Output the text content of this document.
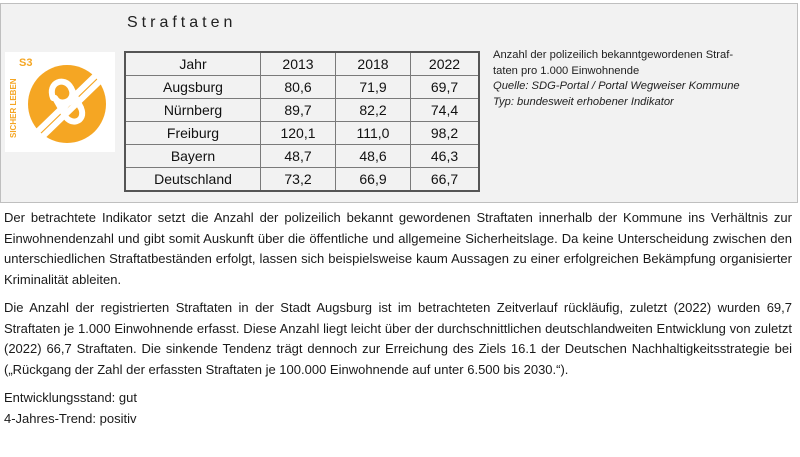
Straftaten
S3
SICHER LEBEN
Jahr	2013	2018	2022
Augsburg	80,6	71,9	69,7
Nürnberg	89,7	82,2	74,4
Freiburg	120,1	111,0	98,2
Bayern	48,7	48,6	46,3
Deutschland	73,2	66,9	66,7
Anzahl der polizeilich bekanntgewordenen Straf-
taten pro 1.000 Einwohnende
Quelle: SDG-Portal / Portal Wegweiser Kommune
Typ: bundesweit erhobener Indikator

Der betrachtete Indikator setzt die Anzahl der polizeilich bekannt gewordenen Straftaten innerhalb der Kommune ins Verhältnis zur Einwohnendenzahl und gibt somit Auskunft über die öffentliche und allgemeine Sicherheitslage. Da keine Unterscheidung zwischen den unterschiedlichen Straftatbeständen erfolgt, lassen sich beispielsweise kaum Aussagen zu einer erfolgreichen Bekämpfung organisierter Kriminalität ableiten.

Die Anzahl der registrierten Straftaten in der Stadt Augsburg ist im betrachteten Zeitverlauf rückläufig, zuletzt (2022) wurden 69,7 Straftaten je 1.000 Einwohnende erfasst. Diese Anzahl liegt leicht über der durchschnittlichen deutschlandweiten Entwicklung von zuletzt (2022) 66,7 Straftaten. Die sinkende Tendenz trägt dennoch zur Erreichung des Ziels 16.1 der Deutschen Nachhaltigkeitsstrategie bei („Rückgang der Zahl der erfassten Straftaten je 100.000 Einwohnende auf unter 6.500 bis 2030.“).

Entwicklungsstand: gut

4-Jahres-Trend: positiv
